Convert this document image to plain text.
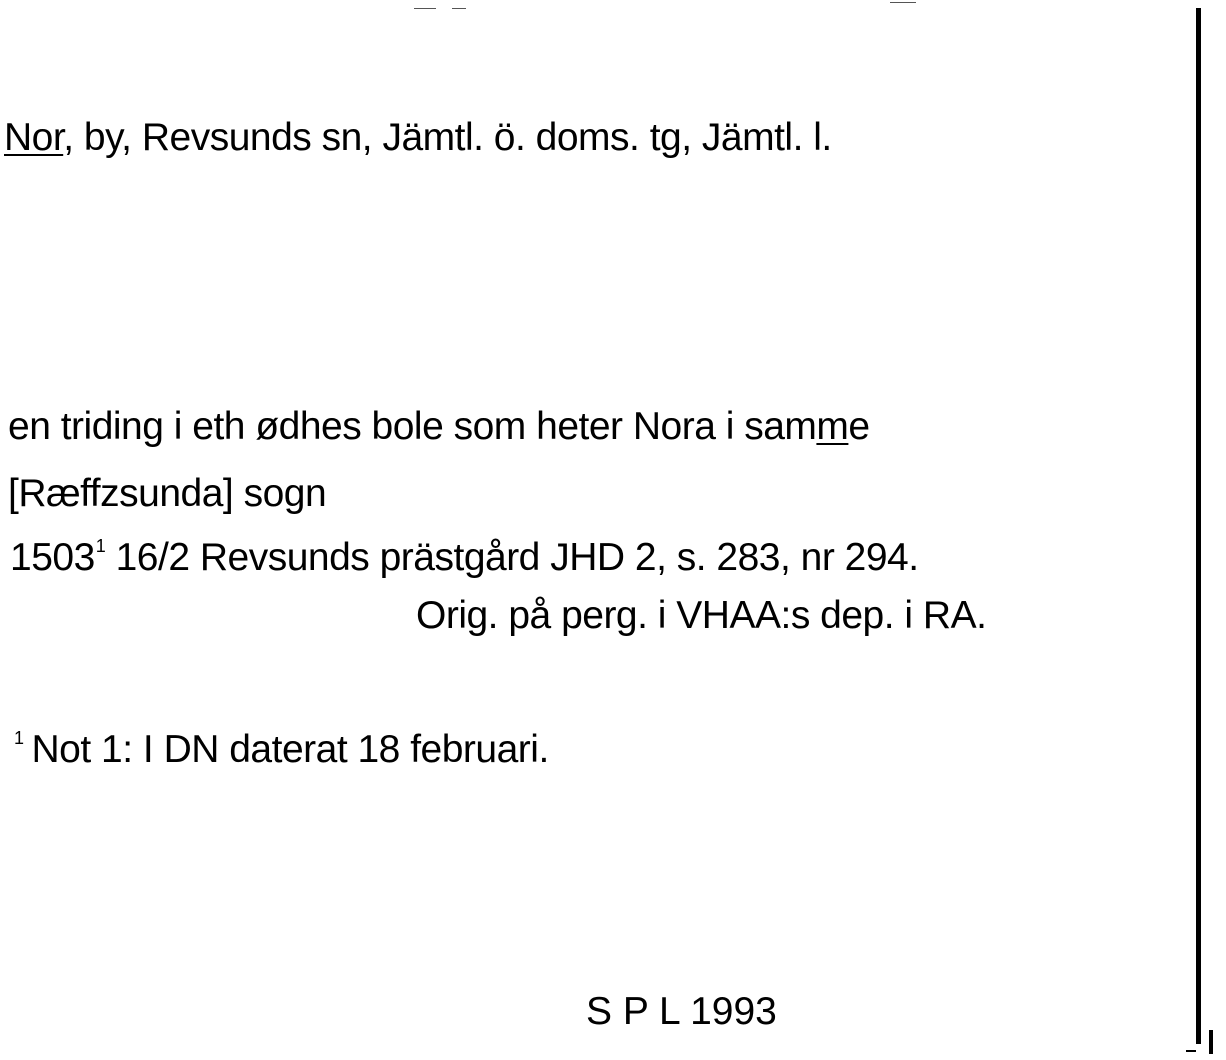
Nor, by, Revsunds sn, Jämtl. ö. doms. tg, Jämtl. l.
en triding i eth ødhes bole som heter Nora i samme
[Ræffzsunda] sogn
1503$^1$ 16/2 Revsunds prästgård JHD 2, s. 283, nr 294.
Orig. på perg. i VHAA:s dep. i RA.
$^1$ Not 1: I DN daterat 18 februari.
S P L 1993
